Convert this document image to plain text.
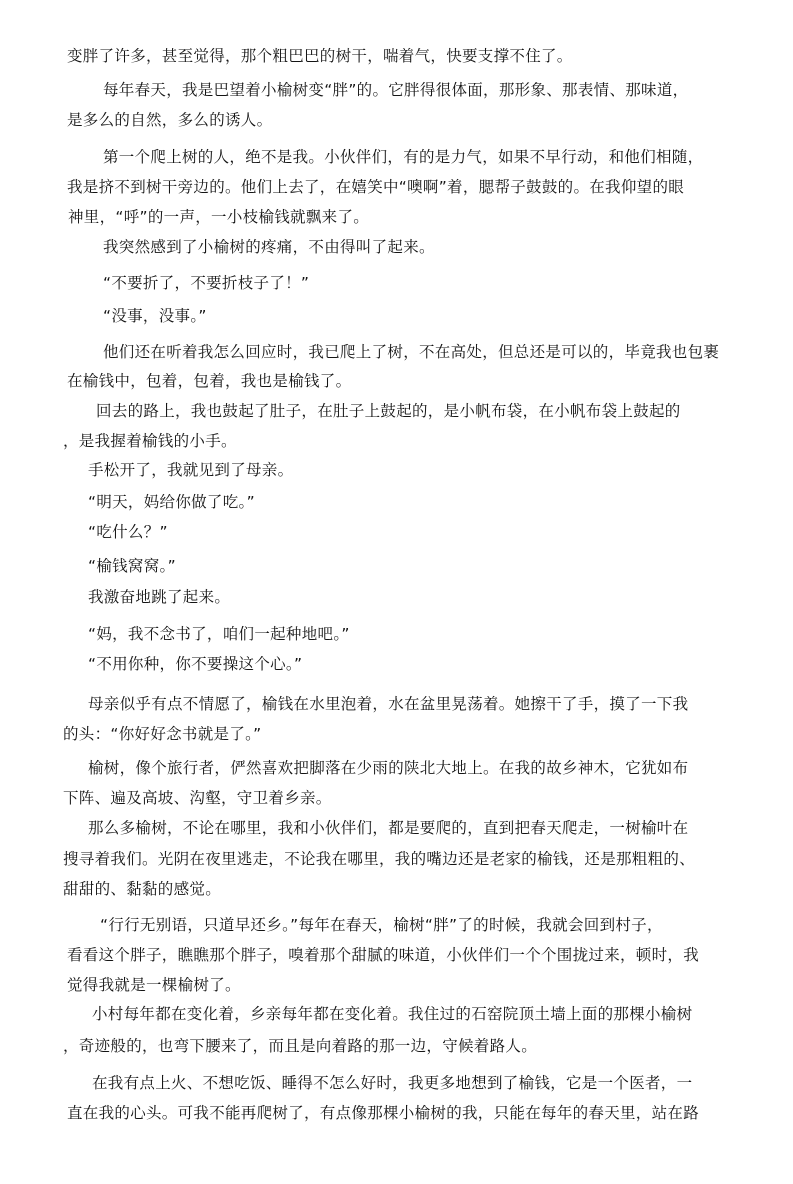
变胖了许多，甚至觉得，那个粗巴巴的树干，喘着气，快要支撑不住了。
每年春天，我是巴望着小榆树变“胖”的。它胖得很体面，那形象、那表情、那味道，
是多么的自然，多么的诱人。
第一个爬上树的人，绝不是我。小伙伴们，有的是力气，如果不早行动，和他们相随，
我是挤不到树干旁边的。他们上去了，在嬉笑中“噢啊”着，腮帮子鼓鼓的。在我仰望的眼
神里，“呼”的一声，一小枝榆钱就飘来了。
我突然感到了小榆树的疼痛，不由得叫了起来。
“不要折了，不要折枝子了！”
“没事，没事。”
他们还在听着我怎么回应时，我已爬上了树，不在高处，但总还是可以的，毕竟我也包裹
在榆钱中，包着，包着，我也是榆钱了。
回去的路上，我也鼓起了肚子，在肚子上鼓起的，是小帆布袋，在小帆布袋上鼓起的
，是我握着榆钱的小手。
手松开了，我就见到了母亲。
“明天，妈给你做了吃。”
“吃什么？”
“榆钱窝窝。”
我激奋地跳了起来。
“妈，我不念书了，咱们一起种地吧。”
“不用你种，你不要操这个心。”
母亲似乎有点不情愿了，榆钱在水里泡着，水在盆里晃荡着。她擦干了手，摸了一下我
的头：“你好好念书就是了。”
榆树，像个旅行者，俨然喜欢把脚落在少雨的陕北大地上。在我的故乡神木，它犹如布
下阵、遍及高坡、沟壑，守卫着乡亲。
那么多榆树，不论在哪里，我和小伙伴们，都是要爬的，直到把春天爬走，一树榆叶在
搜寻着我们。光阴在夜里逃走，不论我在哪里，我的嘴边还是老家的榆钱，还是那粗粗的、
甜甜的、黏黏的感觉。
“行行无别语，只道早还乡。”每年在春天，榆树“胖”了的时候，我就会回到村子，
看看这个胖子，瞧瞧那个胖子，嗅着那个甜腻的味道，小伙伴们一个个围拢过来，顿时，我
觉得我就是一棵榆树了。
小村每年都在变化着，乡亲每年都在变化着。我住过的石窑院顶土墙上面的那棵小榆树
，奇迹般的，也弯下腰来了，而且是向着路的那一边，守候着路人。
在我有点上火、不想吃饭、睡得不怎么好时，我更多地想到了榆钱，它是一个医者，一
直在我的心头。可我不能再爬树了，有点像那棵小榆树的我，只能在每年的春天里，站在路
